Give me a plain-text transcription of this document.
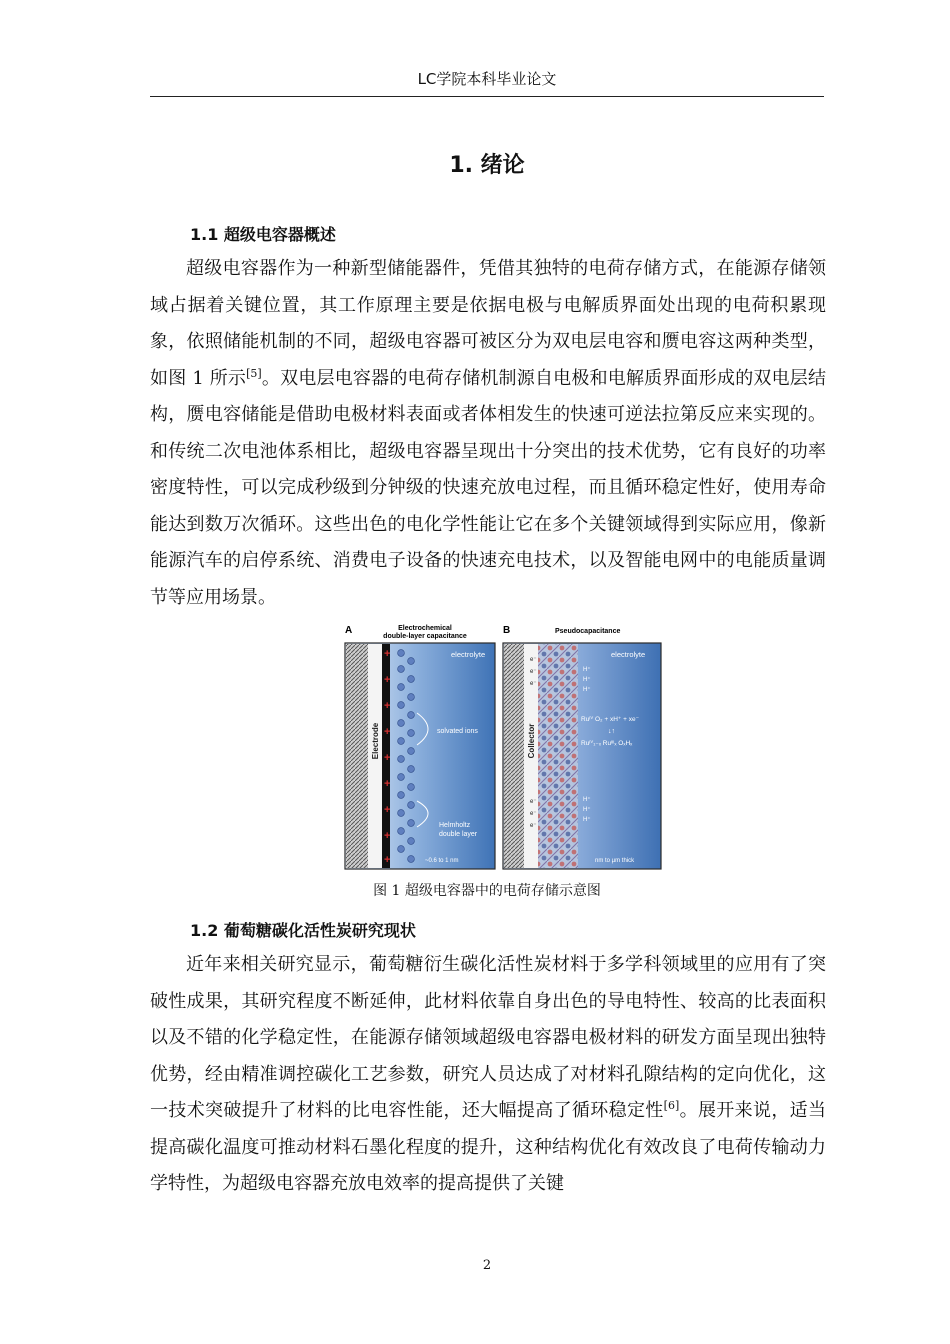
LC学院本科毕业论文
1. 绪论
1.1 超级电容器概述

超级电容器作为一种新型储能器件，凭借其独特的电荷存储方式，在能源存储领域占据着关键位置，其工作原理主要是依据电极与电解质界面处出现的电荷积累现象，依照储能机制的不同，超级电容器可被区分为双电层电容和赝电容这两种类型，如图 1 所示[5]。双电层电容器的电荷存储机制源自电极和电解质界面形成的双电层结构，赝电容储能是借助电极材料表面或者体相发生的快速可逆法拉第反应来实现的。和传统二次电池体系相比，超级电容器呈现出十分突出的技术优势，它有良好的功率密度特性，可以完成秒级到分钟级的快速充放电过程，而且循环稳定性好，使用寿命能达到数万次循环。这些出色的电化学性能让它在多个关键领域得到实际应用，像新能源汽车的启停系统、消费电子设备的快速充电技术，以及智能电网中的电能质量调节等应用场景。

A	Electrochemical
double-layer capacitance
Electrode
+
+
+
+
+
+
+
+
+
solvated ions
electrolyte
Helmholtz
double layer
~0.6 to 1 nm
B	Pseudocapacitance
Collector
electrolyte
H⁺
H⁺
H⁺
H⁺
H⁺
H⁺
e⁻
e⁻
e⁻
e⁻
e⁻
e⁻
Ruᴵⱽ O₂ + xH⁺ + xe⁻
↓↑
Ruᴵⱽ₁₋ₓ Ruᴵᴵᴵₓ OₓHₓ
nm to µm thick
图 1 超级电容器中的电荷存储示意图
1.2 葡萄糖碳化活性炭研究现状

近年来相关研究显示，葡萄糖衍生碳化活性炭材料于多学科领域里的应用有了突破性成果，其研究程度不断延伸，此材料依靠自身出色的导电特性、较高的比表面积以及不错的化学稳定性，在能源存储领域超级电容器电极材料的研发方面呈现出独特优势，经由精准调控碳化工艺参数，研究人员达成了对材料孔隙结构的定向优化，这一技术突破提升了材料的比电容性能，还大幅提高了循环稳定性[6]。展开来说，适当提高碳化温度可推动材料石墨化程度的提升，这种结构优化有效改良了电荷传输动力学特性，为超级电容器充放电效率的提高提供了关键

2
